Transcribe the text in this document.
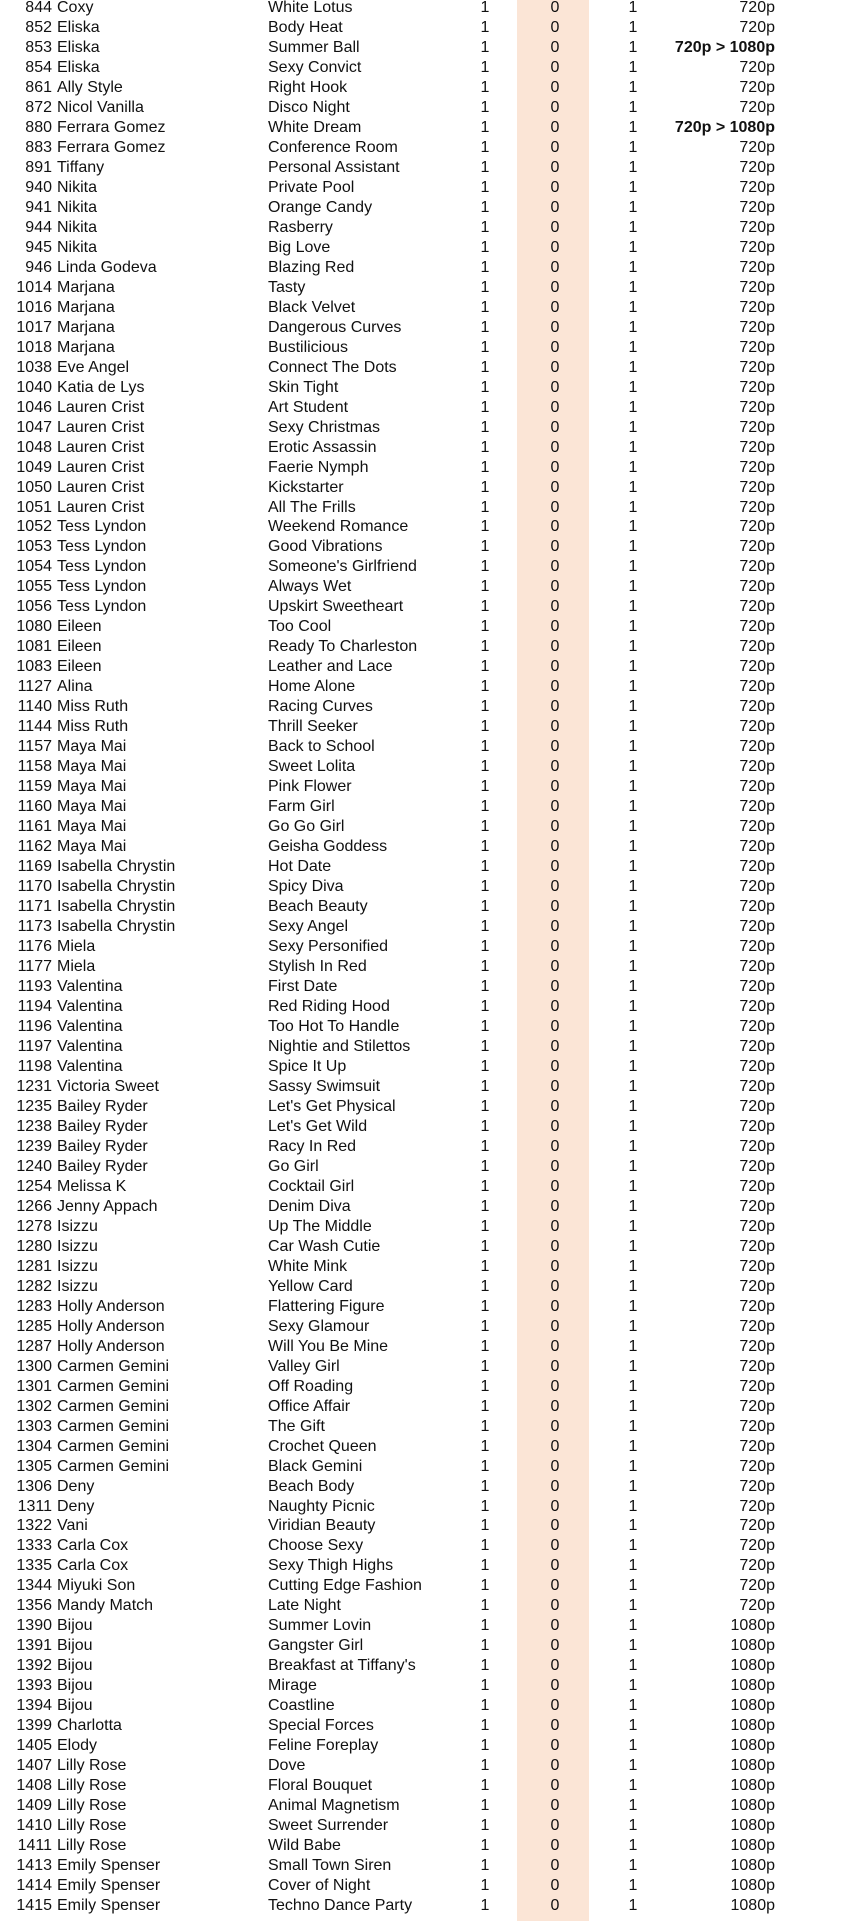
844 Coxy	White Lotus	1	0	1	720p
852 Eliska	Body Heat	1	0	1	720p
853 Eliska	Summer Ball	1	0	1	720p > 1080p
854 Eliska	Sexy Convict	1	0	1	720p
861 Ally Style	Right Hook	1	0	1	720p
872 Nicol Vanilla	Disco Night	1	0	1	720p
880 Ferrara Gomez	White Dream	1	0	1	720p > 1080p
883 Ferrara Gomez	Conference Room	1	0	1	720p
891 Tiffany	Personal Assistant	1	0	1	720p
940 Nikita	Private Pool	1	0	1	720p
941 Nikita	Orange Candy	1	0	1	720p
944 Nikita	Rasberry	1	0	1	720p
945 Nikita	Big Love	1	0	1	720p
946 Linda Godeva	Blazing Red	1	0	1	720p
1014 Marjana	Tasty	1	0	1	720p
1016 Marjana	Black Velvet	1	0	1	720p
1017 Marjana	Dangerous Curves	1	0	1	720p
1018 Marjana	Bustilicious	1	0	1	720p
1038 Eve Angel	Connect The Dots	1	0	1	720p
1040 Katia de Lys	Skin Tight	1	0	1	720p
1046 Lauren Crist	Art Student	1	0	1	720p
1047 Lauren Crist	Sexy Christmas	1	0	1	720p
1048 Lauren Crist	Erotic Assassin	1	0	1	720p
1049 Lauren Crist	Faerie Nymph	1	0	1	720p
1050 Lauren Crist	Kickstarter	1	0	1	720p
1051 Lauren Crist	All The Frills	1	0	1	720p
1052 Tess Lyndon	Weekend Romance	1	0	1	720p
1053 Tess Lyndon	Good Vibrations	1	0	1	720p
1054 Tess Lyndon	Someone's Girlfriend	1	0	1	720p
1055 Tess Lyndon	Always Wet	1	0	1	720p
1056 Tess Lyndon	Upskirt Sweetheart	1	0	1	720p
1080 Eileen	Too Cool	1	0	1	720p
1081 Eileen	Ready To Charleston	1	0	1	720p
1083 Eileen	Leather and Lace	1	0	1	720p
1127 Alina	Home Alone	1	0	1	720p
1140 Miss Ruth	Racing Curves	1	0	1	720p
1144 Miss Ruth	Thrill Seeker	1	0	1	720p
1157 Maya Mai	Back to School	1	0	1	720p
1158 Maya Mai	Sweet Lolita	1	0	1	720p
1159 Maya Mai	Pink Flower	1	0	1	720p
1160 Maya Mai	Farm Girl	1	0	1	720p
1161 Maya Mai	Go Go Girl	1	0	1	720p
1162 Maya Mai	Geisha Goddess	1	0	1	720p
1169 Isabella Chrystin	Hot Date	1	0	1	720p
1170 Isabella Chrystin	Spicy Diva	1	0	1	720p
1171 Isabella Chrystin	Beach Beauty	1	0	1	720p
1173 Isabella Chrystin	Sexy Angel	1	0	1	720p
1176 Miela	Sexy Personified	1	0	1	720p
1177 Miela	Stylish In Red	1	0	1	720p
1193 Valentina	First Date	1	0	1	720p
1194 Valentina	Red Riding Hood	1	0	1	720p
1196 Valentina	Too Hot To Handle	1	0	1	720p
1197 Valentina	Nightie and Stilettos	1	0	1	720p
1198 Valentina	Spice It Up	1	0	1	720p
1231 Victoria Sweet	Sassy Swimsuit	1	0	1	720p
1235 Bailey Ryder	Let's Get Physical	1	0	1	720p
1238 Bailey Ryder	Let's Get Wild	1	0	1	720p
1239 Bailey Ryder	Racy In Red	1	0	1	720p
1240 Bailey Ryder	Go Girl	1	0	1	720p
1254 Melissa K	Cocktail Girl	1	0	1	720p
1266 Jenny Appach	Denim Diva	1	0	1	720p
1278 Isizzu	Up The Middle	1	0	1	720p
1280 Isizzu	Car Wash Cutie	1	0	1	720p
1281 Isizzu	White Mink	1	0	1	720p
1282 Isizzu	Yellow Card	1	0	1	720p
1283 Holly Anderson	Flattering Figure	1	0	1	720p
1285 Holly Anderson	Sexy Glamour	1	0	1	720p
1287 Holly Anderson	Will You Be Mine	1	0	1	720p
1300 Carmen Gemini	Valley Girl	1	0	1	720p
1301 Carmen Gemini	Off Roading	1	0	1	720p
1302 Carmen Gemini	Office Affair	1	0	1	720p
1303 Carmen Gemini	The Gift	1	0	1	720p
1304 Carmen Gemini	Crochet Queen	1	0	1	720p
1305 Carmen Gemini	Black Gemini	1	0	1	720p
1306 Deny	Beach Body	1	0	1	720p
1311 Deny	Naughty Picnic	1	0	1	720p
1322 Vani	Viridian Beauty	1	0	1	720p
1333 Carla Cox	Choose Sexy	1	0	1	720p
1335 Carla Cox	Sexy Thigh Highs	1	0	1	720p
1344 Miyuki Son	Cutting Edge Fashion	1	0	1	720p
1356 Mandy Match	Late Night	1	0	1	720p
1390 Bijou	Summer Lovin	1	0	1	1080p
1391 Bijou	Gangster Girl	1	0	1	1080p
1392 Bijou	Breakfast at Tiffany's	1	0	1	1080p
1393 Bijou	Mirage	1	0	1	1080p
1394 Bijou	Coastline	1	0	1	1080p
1399 Charlotta	Special Forces	1	0	1	1080p
1405 Elody	Feline Foreplay	1	0	1	1080p
1407 Lilly Rose	Dove	1	0	1	1080p
1408 Lilly Rose	Floral Bouquet	1	0	1	1080p
1409 Lilly Rose	Animal Magnetism	1	0	1	1080p
1410 Lilly Rose	Sweet Surrender	1	0	1	1080p
1411 Lilly Rose	Wild Babe	1	0	1	1080p
1413 Emily Spenser	Small Town Siren	1	0	1	1080p
1414 Emily Spenser	Cover of Night	1	0	1	1080p
1415 Emily Spenser	Techno Dance Party	1	0	1	1080p
